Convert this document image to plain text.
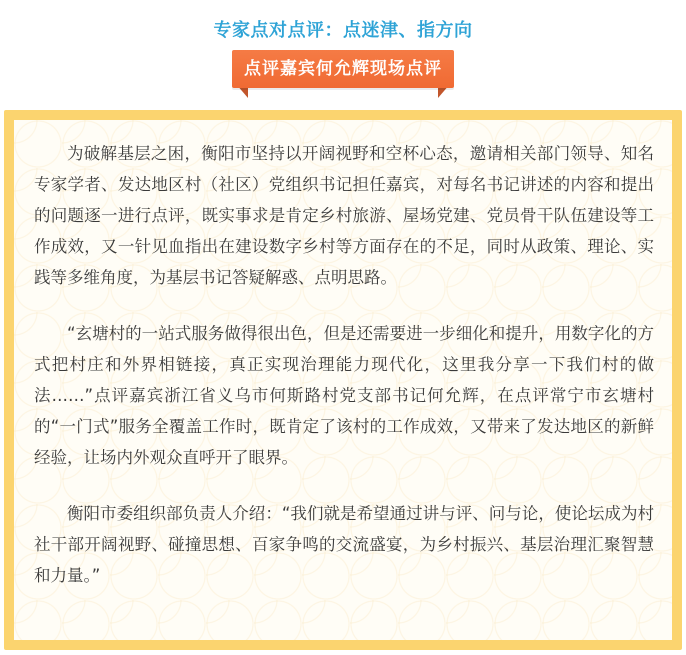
专家点对点评：点迷津、指方向
点评嘉宾何允辉现场点评

为破解基层之困，衡阳市坚持以开阔视野和空杯心态，邀请相关部门领导、知名专家学者、发达地区村（社区）党组织书记担任嘉宾，对每名书记讲述的内容和提出的问题逐一进行点评，既实事求是肯定乡村旅游、屋场党建、党员骨干队伍建设等工作成效，又一针见血指出在建设数字乡村等方面存在的不足，同时从政策、理论、实践等多维角度，为基层书记答疑解惑、点明思路。

“玄塘村的一站式服务做得很出色，但是还需要进一步细化和提升，用数字化的方式把村庄和外界相链接，真正实现治理能力现代化，这里我分享一下我们村的做法……”点评嘉宾浙江省义乌市何斯路村党支部书记何允辉，在点评常宁市玄塘村的“一门式”服务全覆盖工作时，既肯定了该村的工作成效，又带来了发达地区的新鲜经验，让场内外观众直呼开了眼界。

衡阳市委组织部负责人介绍：“我们就是希望通过讲与评、问与论，使论坛成为村社干部开阔视野、碰撞思想、百家争鸣的交流盛宴，为乡村振兴、基层治理汇聚智慧和力量。”
